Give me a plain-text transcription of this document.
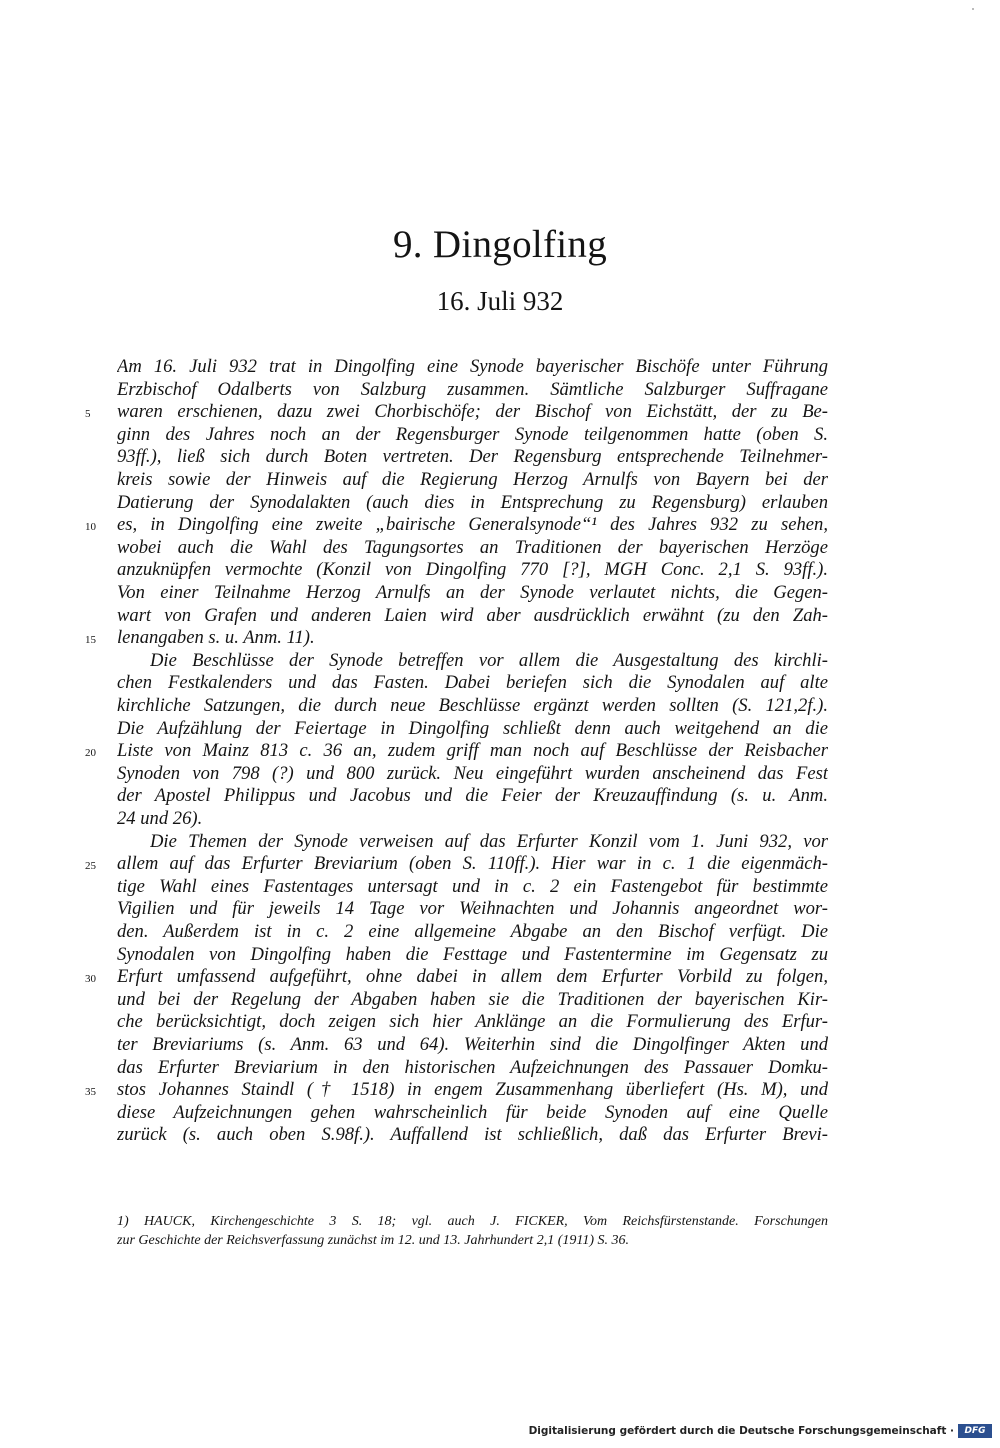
9. Dingolfing
16. Juli 932
Am 16. Juli 932 trat in Dingolfing eine Synode bayerischer Bischöfe unter Führung
Erzbischof Odalberts von Salzburg zusammen. Sämtliche Salzburger Suffragane
waren erschienen, dazu zwei Chorbischöfe; der Bischof von Eichstätt, der zu Be-
5
ginn des Jahres noch an der Regensburger Synode teilgenommen hatte (oben S.
93ff.), ließ sich durch Boten vertreten. Der Regensburg entsprechende Teilnehmer-
kreis sowie der Hinweis auf die Regierung Herzog Arnulfs von Bayern bei der
Datierung der Synodalakten (auch dies in Entsprechung zu Regensburg) erlauben
es, in Dingolfing eine zweite „bairische Generalsynode“¹ des Jahres 932 zu sehen,
10
wobei auch die Wahl des Tagungsortes an Traditionen der bayerischen Herzöge
anzuknüpfen vermochte (Konzil von Dingolfing 770 [?], MGH Conc. 2,1 S. 93ff.).
Von einer Teilnahme Herzog Arnulfs an der Synode verlautet nichts, die Gegen-
wart von Grafen und anderen Laien wird aber ausdrücklich erwähnt (zu den Zah-
lenangaben s. u. Anm. 11).
15
Die Beschlüsse der Synode betreffen vor allem die Ausgestaltung des kirchli-
chen Festkalenders und das Fasten. Dabei beriefen sich die Synodalen auf alte
kirchliche Satzungen, die durch neue Beschlüsse ergänzt werden sollten (S. 121,2f.).
Die Aufzählung der Feiertage in Dingolfing schließt denn auch weitgehend an die
Liste von Mainz 813 c. 36 an, zudem griff man noch auf Beschlüsse der Reisbacher
20
Synoden von 798 (?) und 800 zurück. Neu eingeführt wurden anscheinend das Fest
der Apostel Philippus und Jacobus und die Feier der Kreuzauffindung (s. u. Anm.
24 und 26).
Die Themen der Synode verweisen auf das Erfurter Konzil vom 1. Juni 932, vor
allem auf das Erfurter Breviarium (oben S. 110ff.). Hier war in c. 1 die eigenmäch-
25
tige Wahl eines Fastentages untersagt und in c. 2 ein Fastengebot für bestimmte
Vigilien und für jeweils 14 Tage vor Weihnachten und Johannis angeordnet wor-
den. Außerdem ist in c. 2 eine allgemeine Abgabe an den Bischof verfügt. Die
Synodalen von Dingolfing haben die Festtage und Fastentermine im Gegensatz zu
Erfurt umfassend aufgeführt, ohne dabei in allem dem Erfurter Vorbild zu folgen,
30
und bei der Regelung der Abgaben haben sie die Traditionen der bayerischen Kir-
che berücksichtigt, doch zeigen sich hier Anklänge an die Formulierung des Erfur-
ter Breviariums (s. Anm. 63 und 64). Weiterhin sind die Dingolfinger Akten und
das Erfurter Breviarium in den historischen Aufzeichnungen des Passauer Domku-
stos Johannes Staindl († 1518) in engem Zusammenhang überliefert (Hs. M), und
35
diese Aufzeichnungen gehen wahrscheinlich für beide Synoden auf eine Quelle
zurück (s. auch oben S.98f.). Auffallend ist schließlich, daß das Erfurter Brevi-
1) HAUCK, Kirchengeschichte 3 S. 18; vgl. auch J. FICKER, Vom Reichsfürstenstande. Forschungen
zur Geschichte der Reichsverfassung zunächst im 12. und 13. Jahrhundert 2,1 (1911) S. 36.
Digitalisierung gefördert durch die Deutsche Forschungsgemeinschaft ·	DFG
